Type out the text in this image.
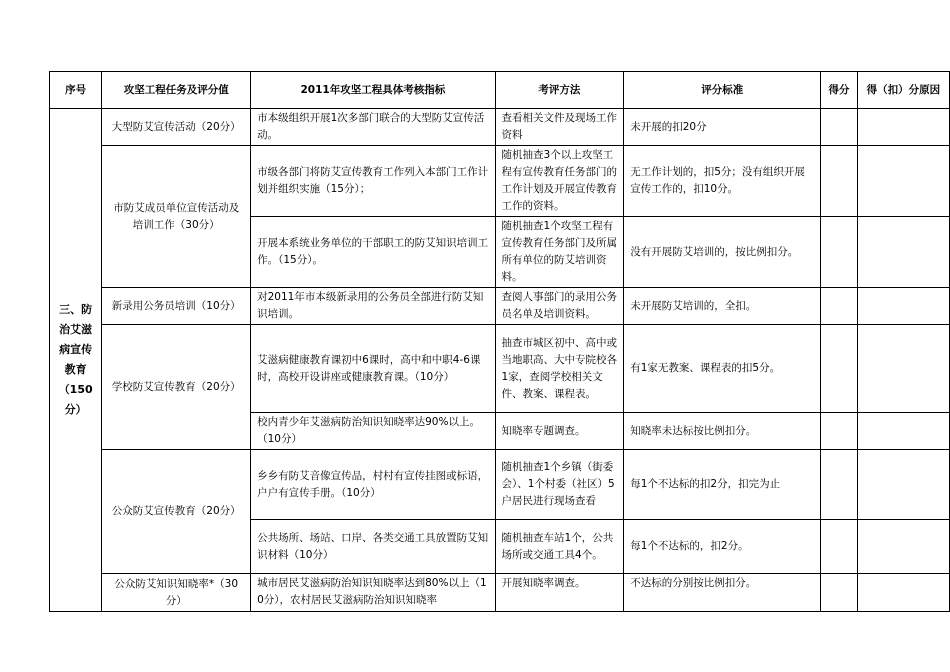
序号	攻坚工程任务及评分值	2011年攻坚工程具体考核指标	考评方法	评分标准	得分	得（扣）分原因
三、防治艾滋病宣传教育（150分）	大型防艾宣传活动（20分）	市本级组织开展1次多部门联合的大型防艾宣传活动。	查看相关文件及现场工作资料	未开展的扣20分		
	市防艾成员单位宣传活动及培训工作（30分）	市级各部门将防艾宣传教育工作列入本部门工作计划并组织实施（15分）；	随机抽查3个以上攻坚工程有宣传教育任务部门的工作计划及开展宣传教育工作的资料。	无工作计划的，扣5分；没有组织开展宣传工作的，扣10分。		
		开展本系统业务单位的干部职工的防艾知识培训工作。（15分）。	随机抽查1个攻坚工程有宣传教育任务部门及所属所有单位的防艾培训资料。	没有开展防艾培训的，按比例扣分。		
	新录用公务员培训（10分）	对2011年市本级新录用的公务员全部进行防艾知识培训。	查阅人事部门的录用公务员名单及培训资料。	未开展防艾培训的，全扣。		
	学校防艾宣传教育（20分）	艾滋病健康教育课初中6课时，高中和中职4-6课时，高校开设讲座或健康教育课。（10分）	抽查市城区初中、高中或当地职高、大中专院校各1家，查阅学校相关文件、教案、课程表。	有1家无教案、课程表的扣5分。		
		校内青少年艾滋病防治知识知晓率达90%以上。（10分）	知晓率专题调查。	知晓率未达标按比例扣分。		
	公众防艾宣传教育（20分）	乡乡有防艾音像宣传品，村村有宣传挂图或标语，户户有宣传手册。（10分）	随机抽查1个乡镇（街委会）、1个村委（社区）5户居民进行现场查看	每1个不达标的扣2分，扣完为止		
		公共场所、场站、口岸、各类交通工具放置防艾知识材料（10分）	随机抽查车站1个，公共场所或交通工具4个。	每1个不达标的，扣2分。		
	公众防艾知识知晓率*（30分）	城市居民艾滋病防治知识知晓率达到80%以上（10分），农村居民艾滋病防治知识知晓率	开展知晓率调查。	不达标的分别按比例扣分。		
